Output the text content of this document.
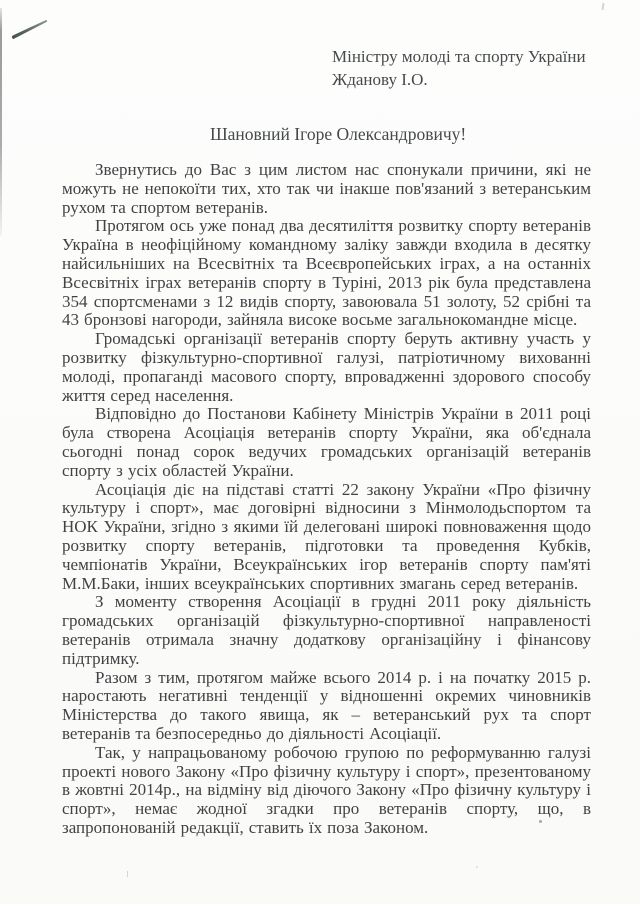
Міністру молоді та спорту України
Жданову І.О.
Шановний Ігоре Олександровичу!

Звернутись до Вас з цим листом нас спонукали причини, які не можуть не непокоїти тих, хто так чи інакше пов'язаний з ветеранським рухом та спортом ветеранів.

Протягом ось уже понад два десятиліття розвитку спорту ветеранів Україна в неофіційному командному заліку завжди входила в десятку найсильніших на Всесвітніх та Всеєвропейських іграх, а на останніх Всесвітніх іграх ветеранів спорту в Туріні, 2013 рік була представлена 354 спортсменами з 12 видів спорту, завоювала 51 золоту, 52 срібні та 43 бронзові нагороди, зайняла високе восьме загальнокомандне місце.

Громадські організації ветеранів спорту беруть активну участь у розвитку фізкультурно-спортивної галузі, патріотичному вихованні молоді, пропаганді масового спорту, впровадженні здорового способу життя серед населення.

Відповідно до Постанови Кабінету Міністрів України в 2011 році була створена Асоціація ветеранів спорту України, яка об'єднала сьогодні понад сорок ведучих громадських організацій ветеранів спорту з усіх областей України.

Асоціація діє на підставі статті 22 закону України «Про фізичну культуру і спорт», має договірні відносини з Мінмолодьспортом та НОК України, згідно з якими їй делеговані широкі повноваження щодо розвитку спорту ветеранів, підготовки та проведення Кубків, чемпіонатів України, Всеукраїнських ігор ветеранів спорту пам'яті М.М.Баки, інших всеукраїнських спортивних змагань серед ветеранів.

З моменту створення Асоціації в грудні 2011 року діяльність громадських організацій фізкультурно-спортивної направленості ветеранів отримала значну додаткову організаційну і фінансову підтримку.

Разом з тим, протягом майже всього 2014 р. і на початку 2015 р. наростають негативні тенденції у відношенні окремих чиновників Міністерства до такого явища, як – ветеранський рух та спорт ветеранів та безпосередньо до діяльності Асоціації.

Так, у напрацьованому робочою групою по реформуванню галузі проекті нового Закону «Про фізичну культуру і спорт», презентованому в жовтні 2014р., на відміну від діючого Закону «Про фізичну культуру і спорт», немає жодної згадки про ветеранів спорту, що, в запропонованій редакції, ставить їх поза Законом.
